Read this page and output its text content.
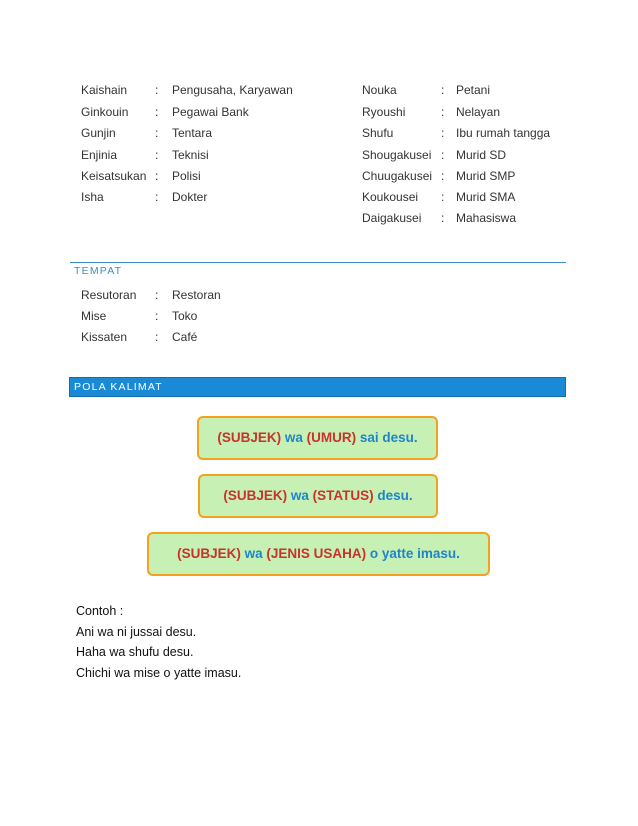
Kaishain : Pengusaha, Karyawan
Ginkouin : Pegawai Bank
Gunjin	: Tentara
Enjinia	: Teknisi
Keisatsukan : Polisi
Isha	: Dokter
Nouka	: Petani
Ryoushi	: Nelayan
Shufu	: Ibu rumah tangga
Shougakusei : Murid SD
Chuugakusei : Murid SMP
Koukousei : Murid SMA
Daigakusei : Mahasiswa
TEMPAT
Resutoran : Restoran
Mise	: Toko
Kissaten : Café
POLA KALIMAT
(SUBJEK) wa (UMUR) sai desu.
(SUBJEK) wa (STATUS) desu.
(SUBJEK) wa (JENIS USAHA) o yatte imasu.
Contoh :
Ani wa ni jussai desu.
Haha wa shufu desu.
Chichi wa mise o yatte imasu.
